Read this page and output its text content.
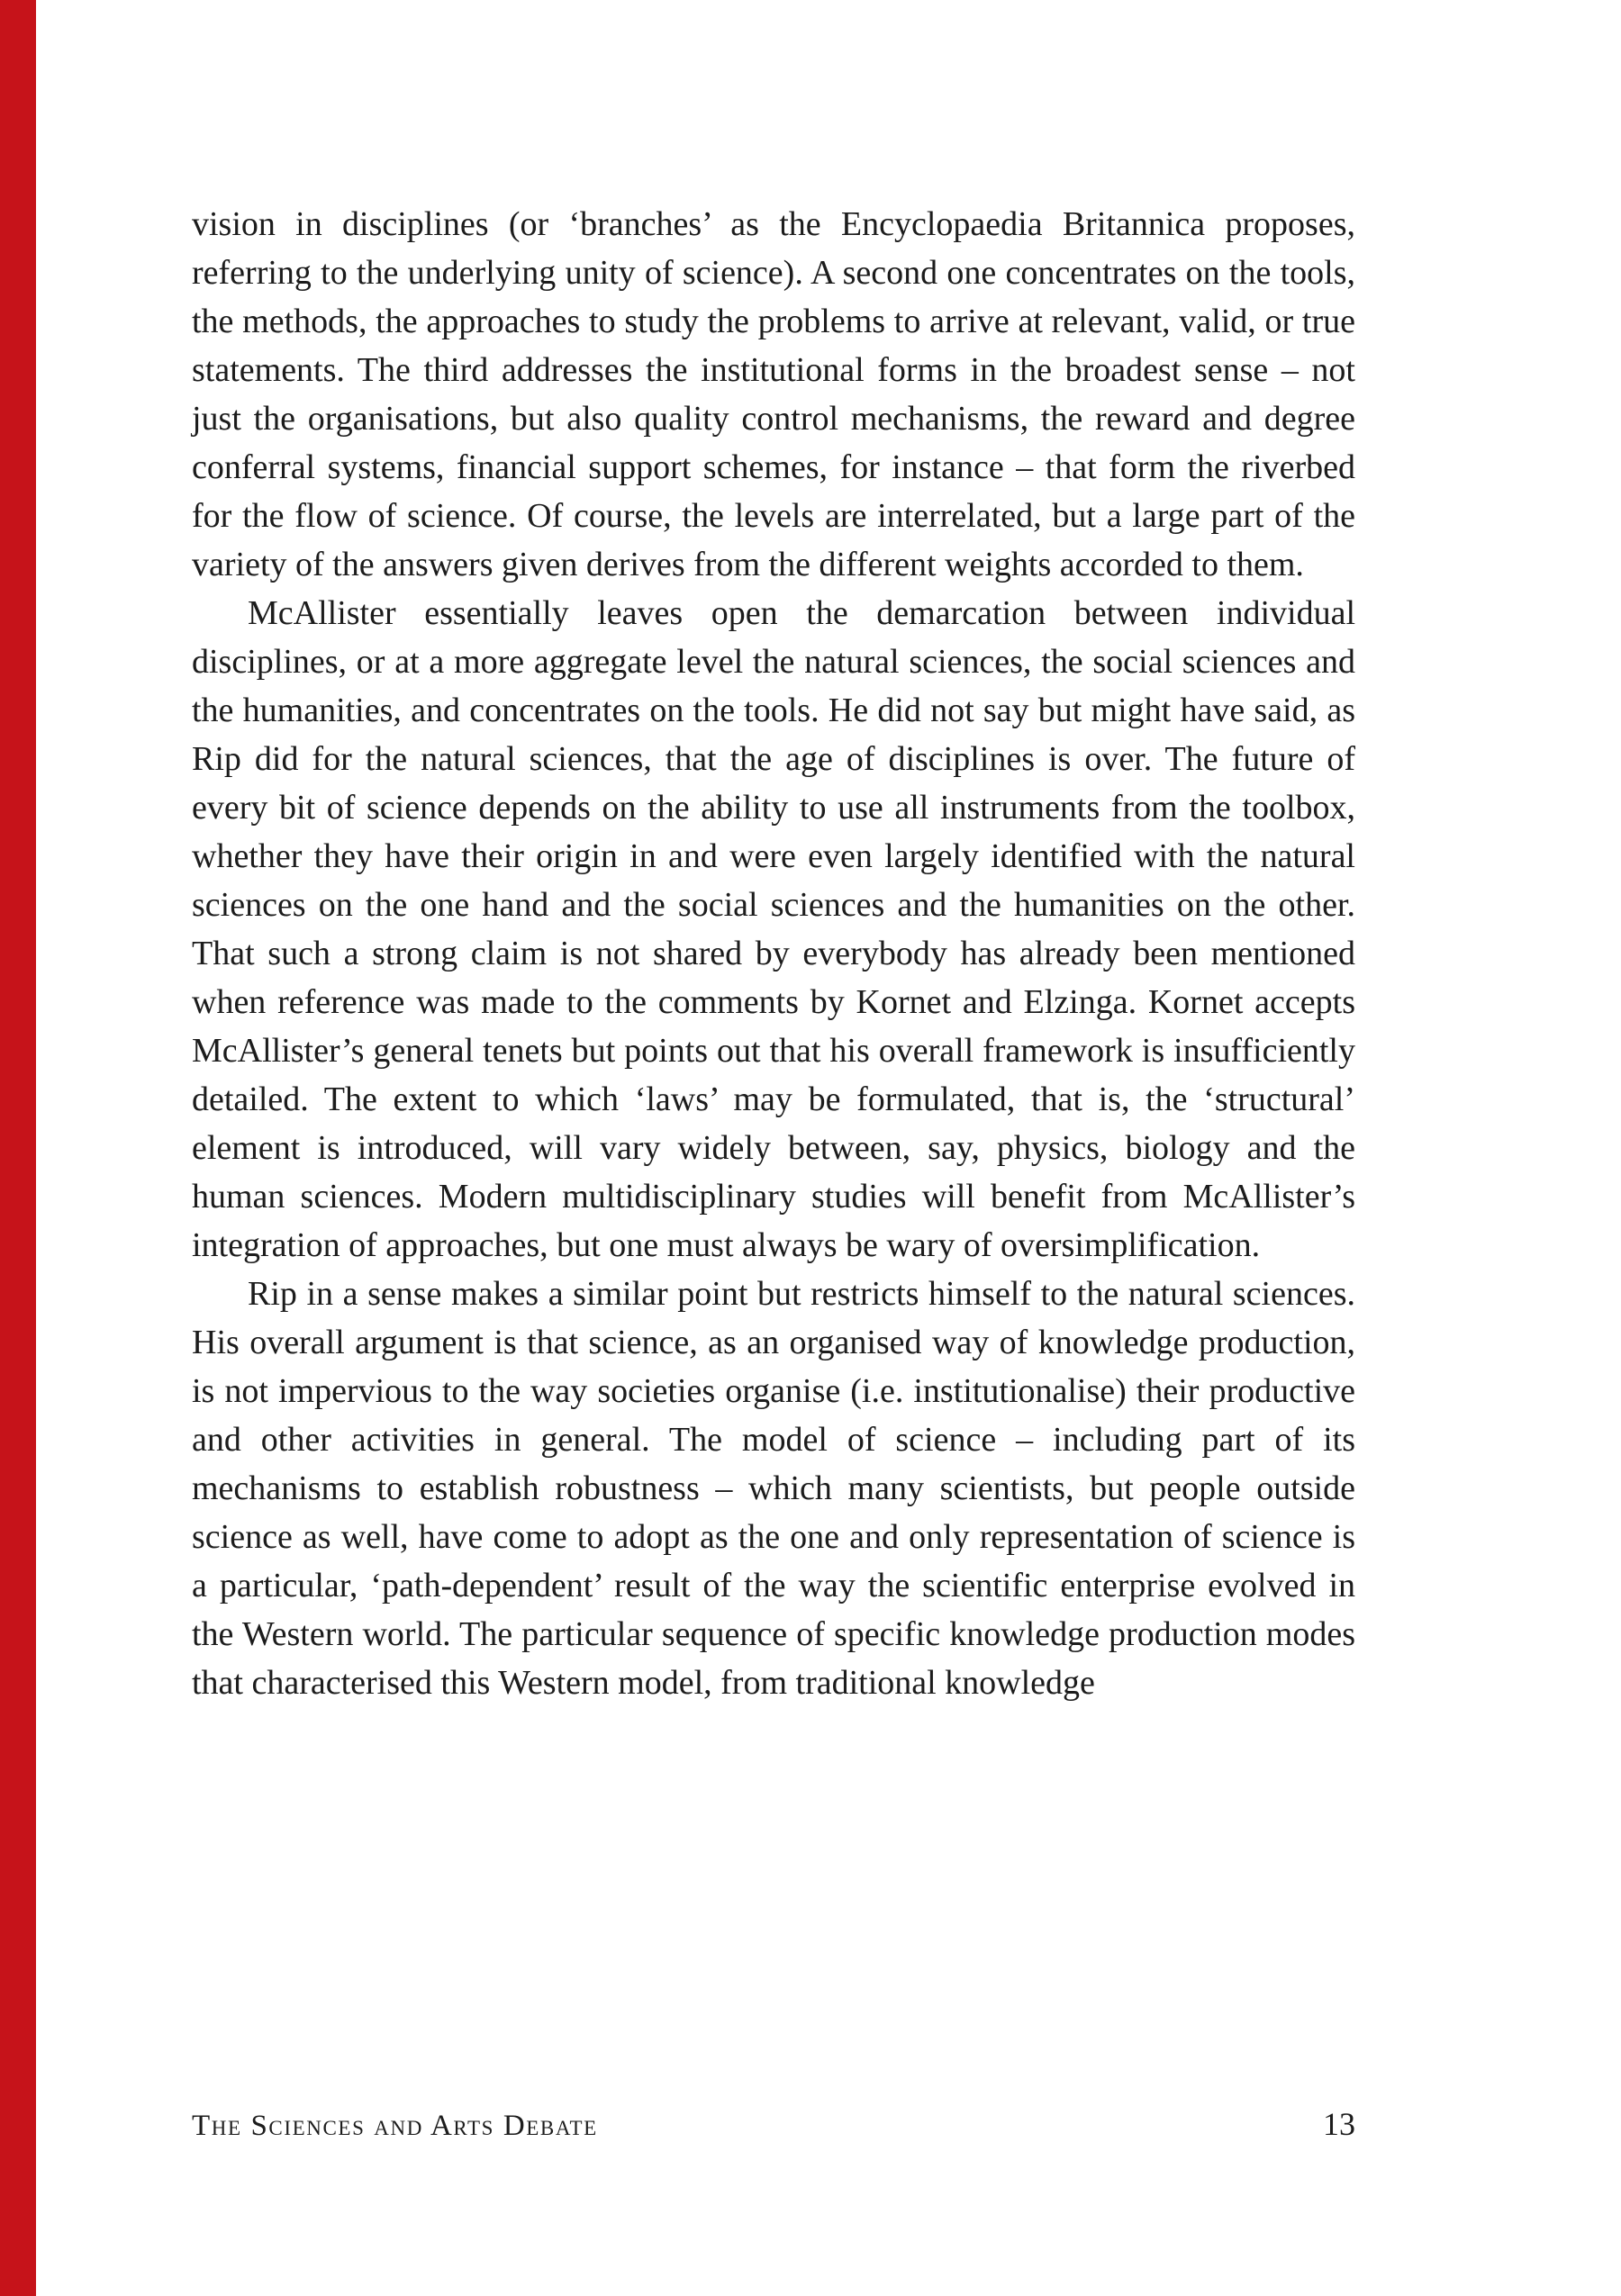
vision in disciplines (or ‘branches’ as the Encyclopaedia Britannica proposes, referring to the underlying unity of science). A second one concentrates on the tools, the methods, the approaches to study the problems to arrive at relevant, valid, or true statements. The third addresses the institutional forms in the broadest sense – not just the organisations, but also quality control mechanisms, the reward and degree conferral systems, financial support schemes, for instance – that form the riverbed for the flow of science. Of course, the levels are interrelated, but a large part of the variety of the answers given derives from the different weights accorded to them.

McAllister essentially leaves open the demarcation between individual disciplines, or at a more aggregate level the natural sciences, the social sciences and the humanities, and concentrates on the tools. He did not say but might have said, as Rip did for the natural sciences, that the age of disciplines is over. The future of every bit of science depends on the ability to use all instruments from the toolbox, whether they have their origin in and were even largely identified with the natural sciences on the one hand and the social sciences and the humanities on the other. That such a strong claim is not shared by everybody has already been mentioned when reference was made to the comments by Kornet and Elzinga. Kornet accepts McAllister’s general tenets but points out that his overall framework is insufficiently detailed. The extent to which ‘laws’ may be formulated, that is, the ‘structural’ element is introduced, will vary widely between, say, physics, biology and the human sciences. Modern multidisciplinary studies will benefit from McAllister’s integration of approaches, but one must always be wary of oversimplification.

Rip in a sense makes a similar point but restricts himself to the natural sciences. His overall argument is that science, as an organised way of knowledge production, is not impervious to the way societies organise (i.e. institutionalise) their productive and other activities in general. The model of science – including part of its mechanisms to establish robustness – which many scientists, but people outside science as well, have come to adopt as the one and only representation of science is a particular, ‘path-dependent’ result of the way the scientific enterprise evolved in the Western world. The particular sequence of specific knowledge production modes that characterised this Western model, from traditional knowledge

The Sciences and Arts Debate	13
